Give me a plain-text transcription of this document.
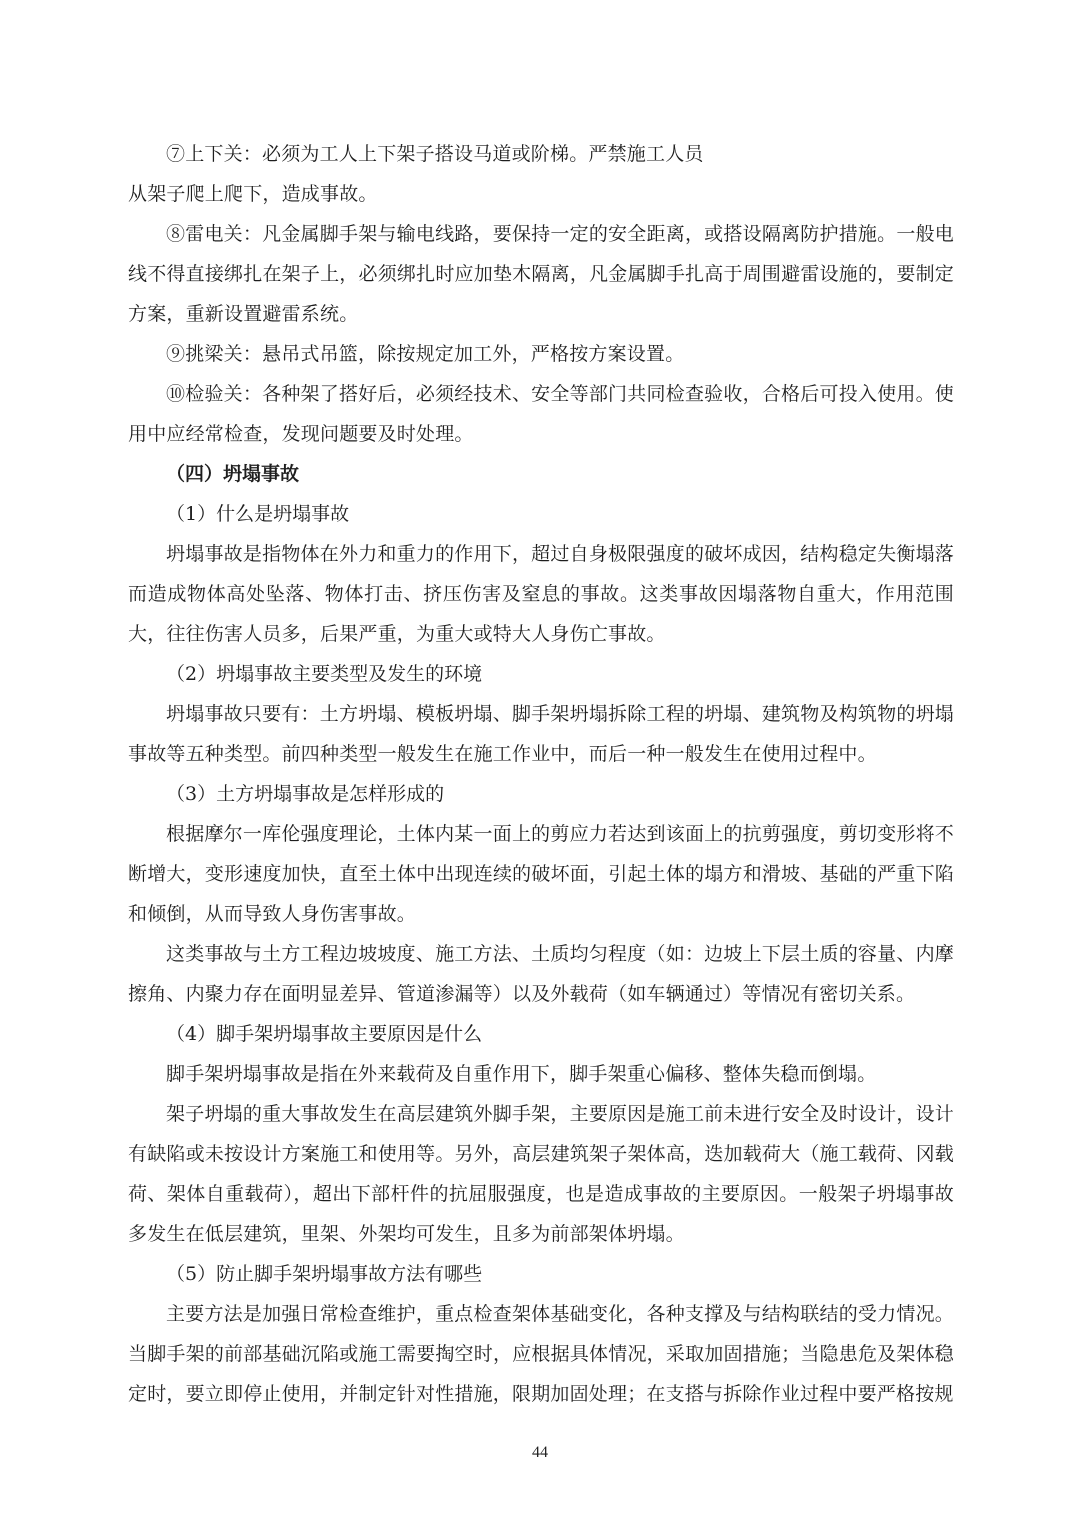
⑦上下关：必须为工人上下架子搭设马道或阶梯。严禁施工人员

从架子爬上爬下，造成事故。

⑧雷电关：凡金属脚手架与输电线路，要保持一定的安全距离，或搭设隔离防护措施。一般电线不得直接绑扎在架子上，必须绑扎时应加垫木隔离，凡金属脚手扎高于周围避雷设施的，要制定方案，重新设置避雷系统。

⑨挑梁关：悬吊式吊篮，除按规定加工外，严格按方案设置。

⑩检验关：各种架了搭好后，必须经技术、安全等部门共同检查验收，合格后可投入使用。使用中应经常检查，发现问题要及时处理。

（四）坍塌事故

（1）什么是坍塌事故

坍塌事故是指物体在外力和重力的作用下，超过自身极限强度的破坏成因，结构稳定失衡塌落而造成物体高处坠落、物体打击、挤压伤害及窒息的事故。这类事故因塌落物自重大，作用范围大，往往伤害人员多，后果严重，为重大或特大人身伤亡事故。

（2）坍塌事故主要类型及发生的环境

坍塌事故只要有：土方坍塌、模板坍塌、脚手架坍塌拆除工程的坍塌、建筑物及构筑物的坍塌事故等五种类型。前四种类型一般发生在施工作业中，而后一种一般发生在使用过程中。

（3）土方坍塌事故是怎样形成的

根据摩尔一库伦强度理论，土体内某一面上的剪应力若达到该面上的抗剪强度，剪切变形将不断增大，变形速度加快，直至土体中出现连续的破坏面，引起土体的塌方和滑坡、基础的严重下陷和倾倒，从而导致人身伤害事故。

这类事故与土方工程边坡坡度、施工方法、土质均匀程度（如：边坡上下层土质的容量、内摩擦角、内聚力存在面明显差异、管道渗漏等）以及外载荷（如车辆通过）等情况有密切关系。

（4）脚手架坍塌事故主要原因是什么

脚手架坍塌事故是指在外来载荷及自重作用下，脚手架重心偏移、整体失稳而倒塌。

架子坍塌的重大事故发生在高层建筑外脚手架，主要原因是施工前未进行安全及时设计，设计有缺陷或未按设计方案施工和使用等。另外，高层建筑架子架体高，迭加载荷大（施工载荷、冈载荷、架体自重载荷），超出下部杆件的抗屈服强度，也是造成事故的主要原因。一般架子坍塌事故多发生在低层建筑，里架、外架均可发生，且多为前部架体坍塌。

（5）防止脚手架坍塌事故方法有哪些

主要方法是加强日常检查维护，重点检查架体基础变化，各种支撑及与结构联结的受力情况。当脚手架的前部基础沉陷或施工需要掏空时，应根据具体情况，采取加固措施；当隐患危及架体稳定时，要立即停止使用，并制定针对性措施，限期加固处理；在支搭与拆除作业过程中要严格按规

44
